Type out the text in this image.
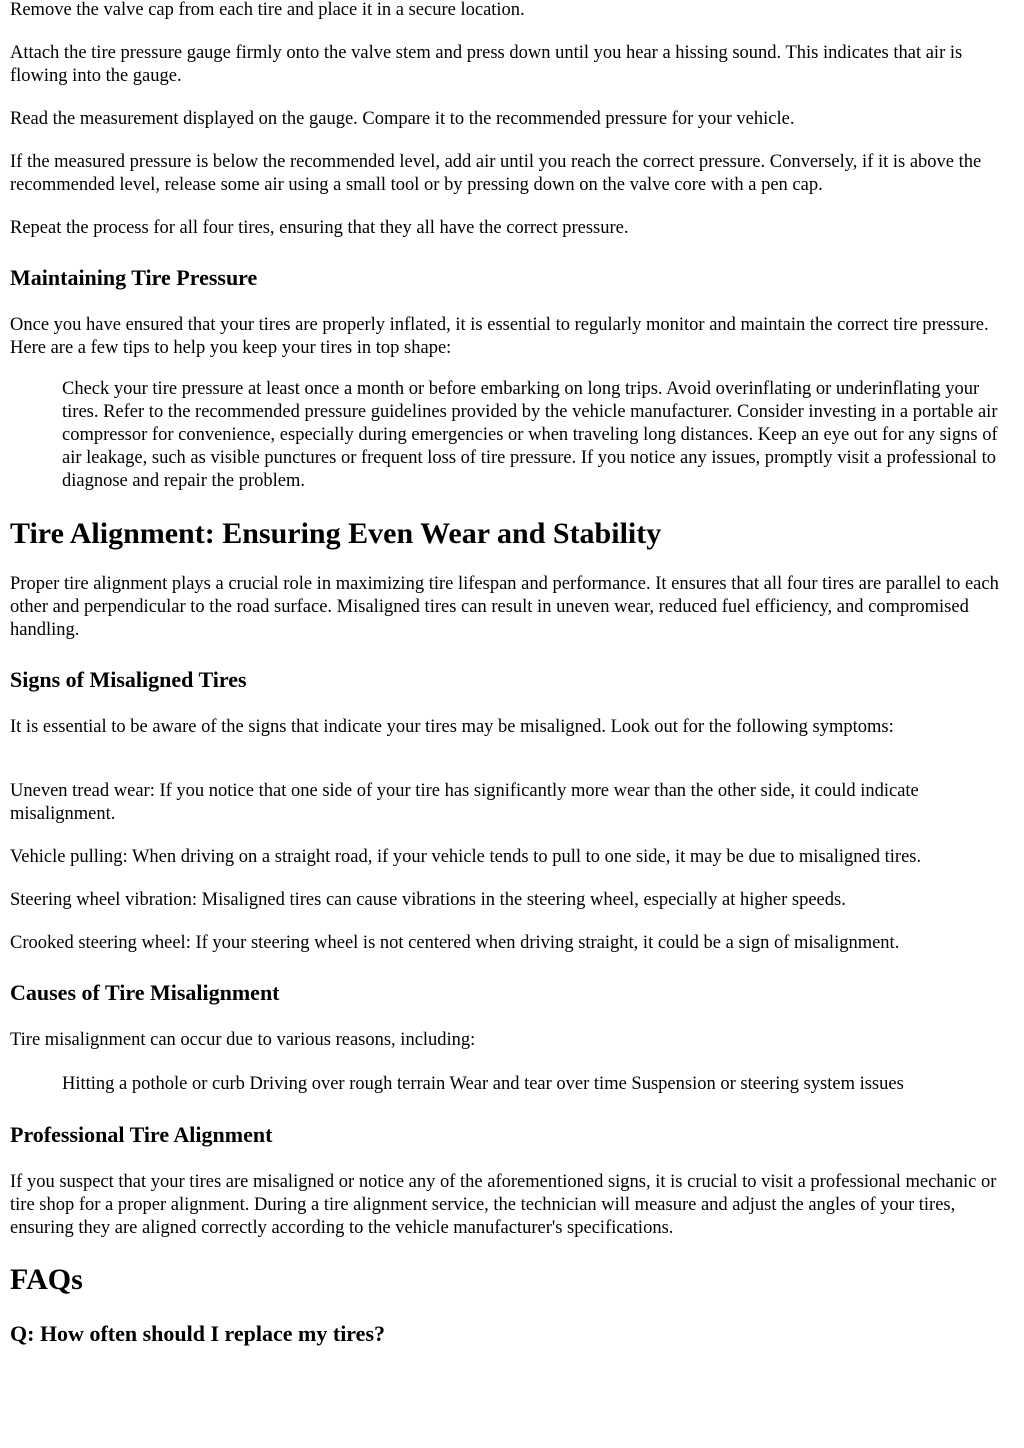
Remove the valve cap from each tire and place it in a secure location.

Attach the tire pressure gauge firmly onto the valve stem and press down until you hear a hissing sound. This indicates that air is flowing into the gauge.

Read the measurement displayed on the gauge. Compare it to the recommended pressure for your vehicle.

If the measured pressure is below the recommended level, add air until you reach the correct pressure. Conversely, if it is above the recommended level, release some air using a small tool or by pressing down on the valve core with a pen cap.

Repeat the process for all four tires, ensuring that they all have the correct pressure.

Maintaining Tire Pressure

Once you have ensured that your tires are properly inflated, it is essential to regularly monitor and maintain the correct tire pressure. Here are a few tips to help you keep your tires in top shape:

Check your tire pressure at least once a month or before embarking on long trips. Avoid overinflating or underinflating your tires. Refer to the recommended pressure guidelines provided by the vehicle manufacturer. Consider investing in a portable air compressor for convenience, especially during emergencies or when traveling long distances. Keep an eye out for any signs of air leakage, such as visible punctures or frequent loss of tire pressure. If you notice any issues, promptly visit a professional to diagnose and repair the problem.
Tire Alignment: Ensuring Even Wear and Stability

Proper tire alignment plays a crucial role in maximizing tire lifespan and performance. It ensures that all four tires are parallel to each other and perpendicular to the road surface. Misaligned tires can result in uneven wear, reduced fuel efficiency, and compromised handling.

Signs of Misaligned Tires

It is essential to be aware of the signs that indicate your tires may be misaligned. Look out for the following symptoms:

Uneven tread wear: If you notice that one side of your tire has significantly more wear than the other side, it could indicate misalignment.

Vehicle pulling: When driving on a straight road, if your vehicle tends to pull to one side, it may be due to misaligned tires.

Steering wheel vibration: Misaligned tires can cause vibrations in the steering wheel, especially at higher speeds.

Crooked steering wheel: If your steering wheel is not centered when driving straight, it could be a sign of misalignment.

Causes of Tire Misalignment

Tire misalignment can occur due to various reasons, including:

Hitting a pothole or curb Driving over rough terrain Wear and tear over time Suspension or steering system issues
Professional Tire Alignment

If you suspect that your tires are misaligned or notice any of the aforementioned signs, it is crucial to visit a professional mechanic or tire shop for a proper alignment. During a tire alignment service, the technician will measure and adjust the angles of your tires, ensuring they are aligned correctly according to the vehicle manufacturer's specifications.

FAQs
Q: How often should I replace my tires?
